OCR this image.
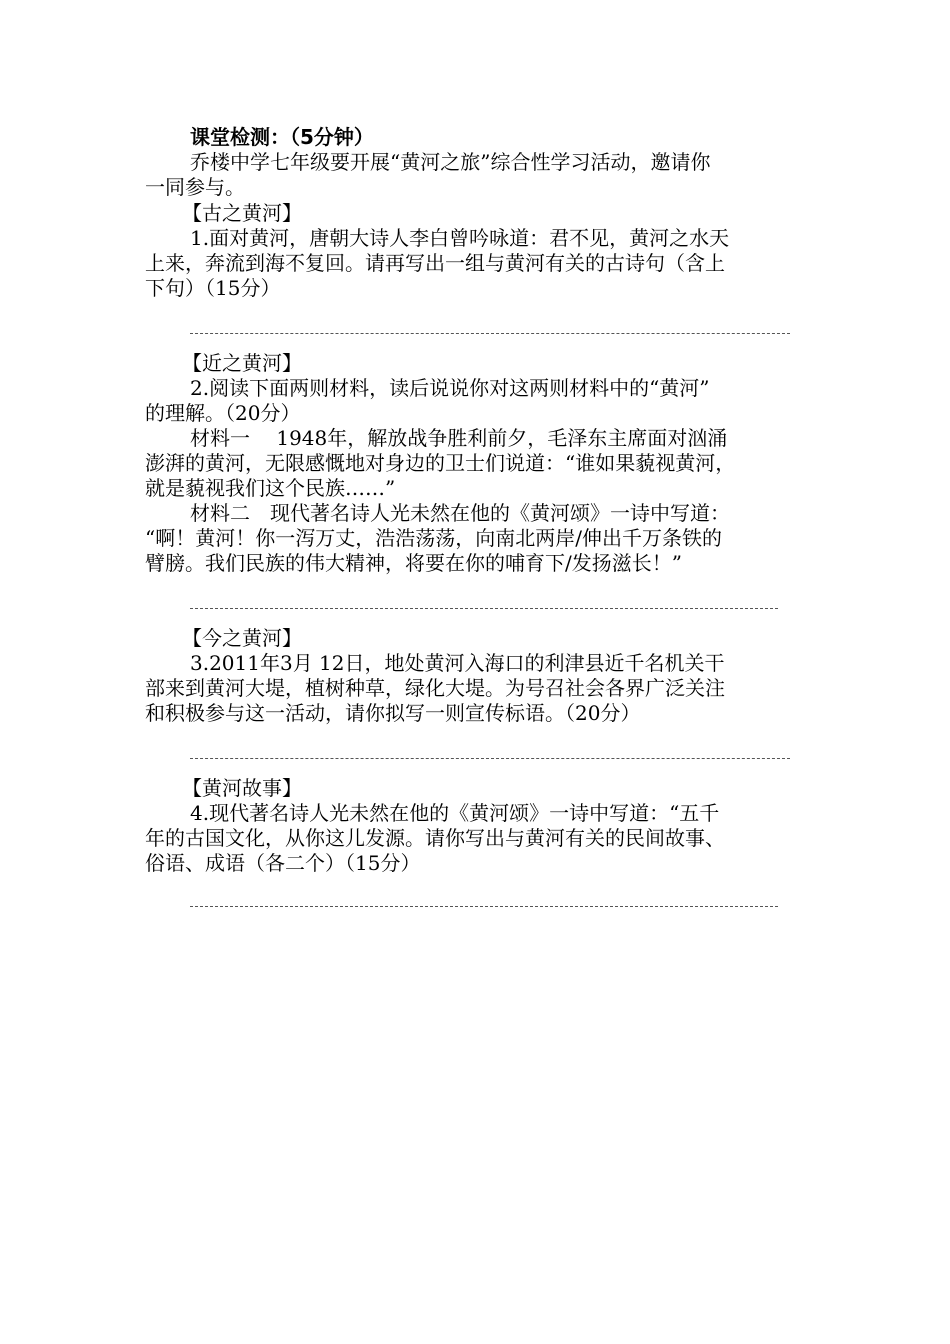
课堂检测：（5分钟）
乔楼中学七年级要开展“黄河之旅”综合性学习活动，邀请你
一同参与。
【古之黄河】
1.面对黄河，唐朝大诗人李白曾吟咏道：君不见，黄河之水天
上来，奔流到海不复回。请再写出一组与黄河有关的古诗句（含上
下句）（15分）
【近之黄河】
2.阅读下面两则材料，读后说说你对这两则材料中的“黄河”
的理解。（20分）
材料一　 1948年，解放战争胜利前夕，毛泽东主席面对汹涌
澎湃的黄河，无限感慨地对身边的卫士们说道：“谁如果藐视黄河，
就是藐视我们这个民族……”
材料二　现代著名诗人光未然在他的《黄河颂》一诗中写道：
“啊！黄河！你一泻万丈，浩浩荡荡，向南北两岸/伸出千万条铁的
臂膀。我们民族的伟大精神，将要在你的哺育下/发扬滋长！”
【今之黄河】
3.2011年3月 12日，地处黄河入海口的利津县近千名机关干
部来到黄河大堤，植树种草，绿化大堤。为号召社会各界广泛关注
和积极参与这一活动，请你拟写一则宣传标语。（20分）
【黄河故事】
4.现代著名诗人光未然在他的《黄河颂》一诗中写道：“五千
年的古国文化，从你这儿发源。请你写出与黄河有关的民间故事、
俗语、成语（各二个）（15分）
